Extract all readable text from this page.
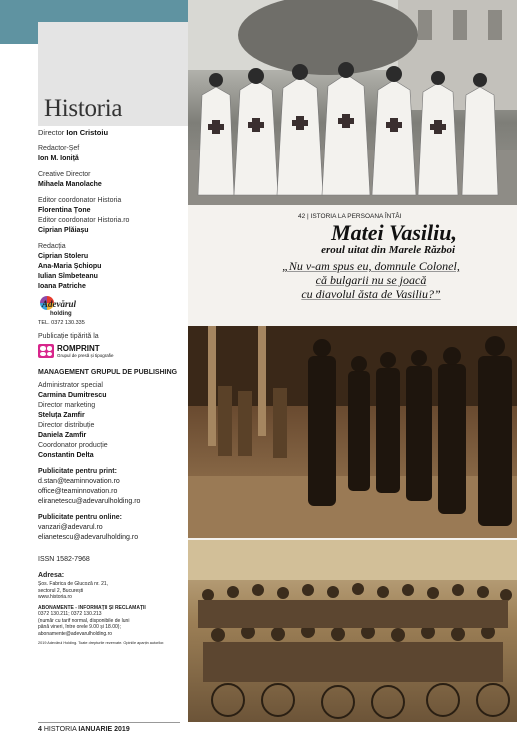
Historia
Director Ion Cristoiu
Redactor-Șef
Ion M. Ioniță
Creative Director
Mihaela Manolache
Editor coordonator Historia
Florentina Țone
Editor coordonator Historia.ro
Ciprian Plăiașu
Redacția
Ciprian Stoleru
Ana-Maria Șchiopu
Iulian Sîmbeteanu
Ioana Patriche
Adevărul
holding
TEL. 0372 130.335
Publicație tipărită la
ROMPRINT
Grupul de presă și tipografie
MANAGEMENT GRUPUL DE PUBLISHING
Administrator special
Carmina Dumitrescu
Director marketing
Steluța Zamfir
Director distribuție
Daniela Zamfir
Coordonator producție
Constantin Delta
Publicitate pentru print:
d.stan@teaminnovation.ro
office@teaminnovation.ro
eliranetescu@adevarulholding.ro
Publicitate pentru online:
vanzari@adevarul.ro
elianetescu@adevarulholding.ro
ISSN 1582-7968
Adresa:
Șos. Fabrica de Glucoză nr. 21,
sectorul 2, București
www.historia.ro
ABONAMENTE - INFORMAȚII ȘI RECLAMAȚII
0372 130.211; 0372 130.213
(număr cu tarif normal, disponibile de luni
până vineri, între orele 9.00 și 18.00);
abonamente@adevarulholding.ro
2019 Adevărul Holding. Toate drepturile rezervate. Opiniile aparțin autorilor.
42 | ISTORIA LA PERSOANA ÎNTÂI
Matei Vasiliu,
eroul uitat din Marele Război
„Nu v-am spus eu, domnule Colonel,
că bulgarii nu se joacă
cu diavolul ăsta de Vasiliu?”
4 HISTORIA IANUARIE 2019
